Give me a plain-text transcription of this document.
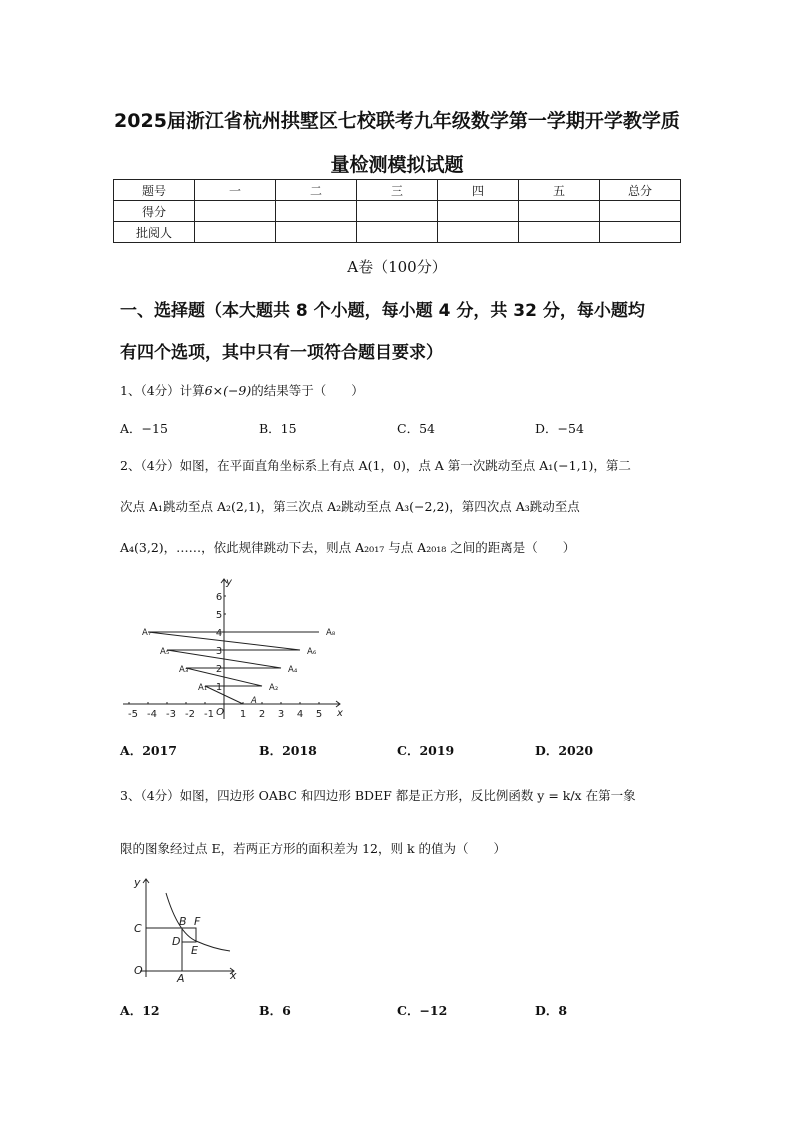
2025届浙江省杭州拱墅区七校联考九年级数学第一学期开学教学质
量检测模拟试题
题号	一	二	三	四	五	总分
得分						
批阅人						
A卷（100分）
一、选择题（本大题共 8 个小题，每小题 4 分，共 32 分，每小题均
有四个选项，其中只有一项符合题目要求）
1、（4分）计算6×(−9)的结果等于（　　）
A．−15	B．15	C．54	D．−54
2、（4分）如图，在平面直角坐标系上有点 A(1，0)，点 A 第一次跳动至点 A₁(−1,1)，第二
次点 A₁跳动至点 A₂(2,1)，第三次点 A₂跳动至点 A₃(−2,2)，第四次点 A₃跳动至点
A₄(3,2)，……，依此规律跳动下去，则点 A₂₀₁₇ 与点 A₂₀₁₈ 之间的距离是（　　）
-5 -4 -3 -2 -1 O 1 2 3 4 5 x
y
1
2
3
4
5
6
A
A₁	A₂
A₃	A₄
A₅	A₆
A₇	A₈
A．2017	B．2018	C．2019	D．2020
3、（4分）如图，四边形 OABC 和四边形 BDEF 都是正方形，反比例函数 y = k/x 在第一象
限的图象经过点 E，若两正方形的面积差为 12，则 k 的值为（　　）
y
x
O
A
B
C
D
E
F
A．12	B．6	C．−12	D．8
